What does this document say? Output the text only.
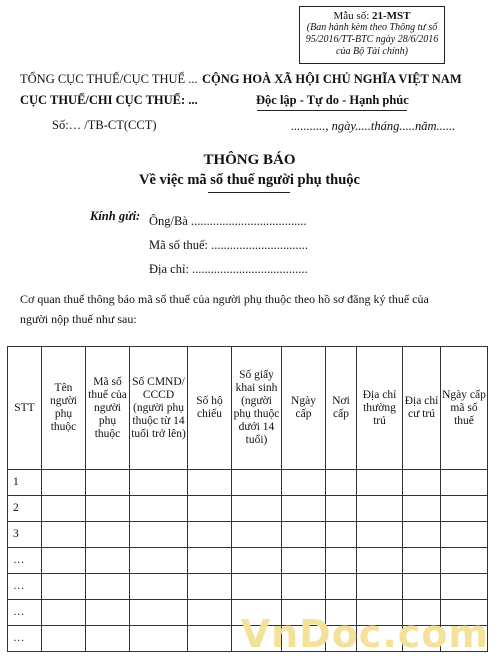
Mẫu số: 21-MST
(Ban hành kèm theo Thông tư số 95/2016/TT-BTC ngày 28/6/2016 của Bộ Tài chính)
TỔNG CỤC THUẾ/CỤC THUẾ ...
CỤC THUẾ/CHI CỤC THUẾ: ...
CỘNG HOÀ XÃ HỘI CHỦ NGHĨA VIỆT NAM
Độc lập - Tự do - Hạnh phúc
Số:… /TB-CT(CCT)	..........., ngày.....tháng.....năm......
THÔNG BÁO
Về việc mã số thuế người phụ thuộc
Kính gửi: Ông/Bà .....................................
Mã số thuế: ...............................
Địa chỉ: .....................................
Cơ quan thuế thông báo mã số thuế của người phụ thuộc theo hồ sơ đăng ký thuế của
người nộp thuế như sau:
STT	Tên người phụ thuộc	Mã số thuế của người phụ thuộc	Số CMND/ CCCD (người phụ thuộc từ 14 tuổi trở lên)	Số hộ chiếu	Số giấy khai sinh (người phụ thuộc dưới 14 tuổi)	Ngày cấp	Nơi cấp	Địa chỉ thường trú	Địa chỉ cư trú	Ngày cấp mã số thuế
1										
2										
3										
…										
…										
…										
…											VnDoc.com
